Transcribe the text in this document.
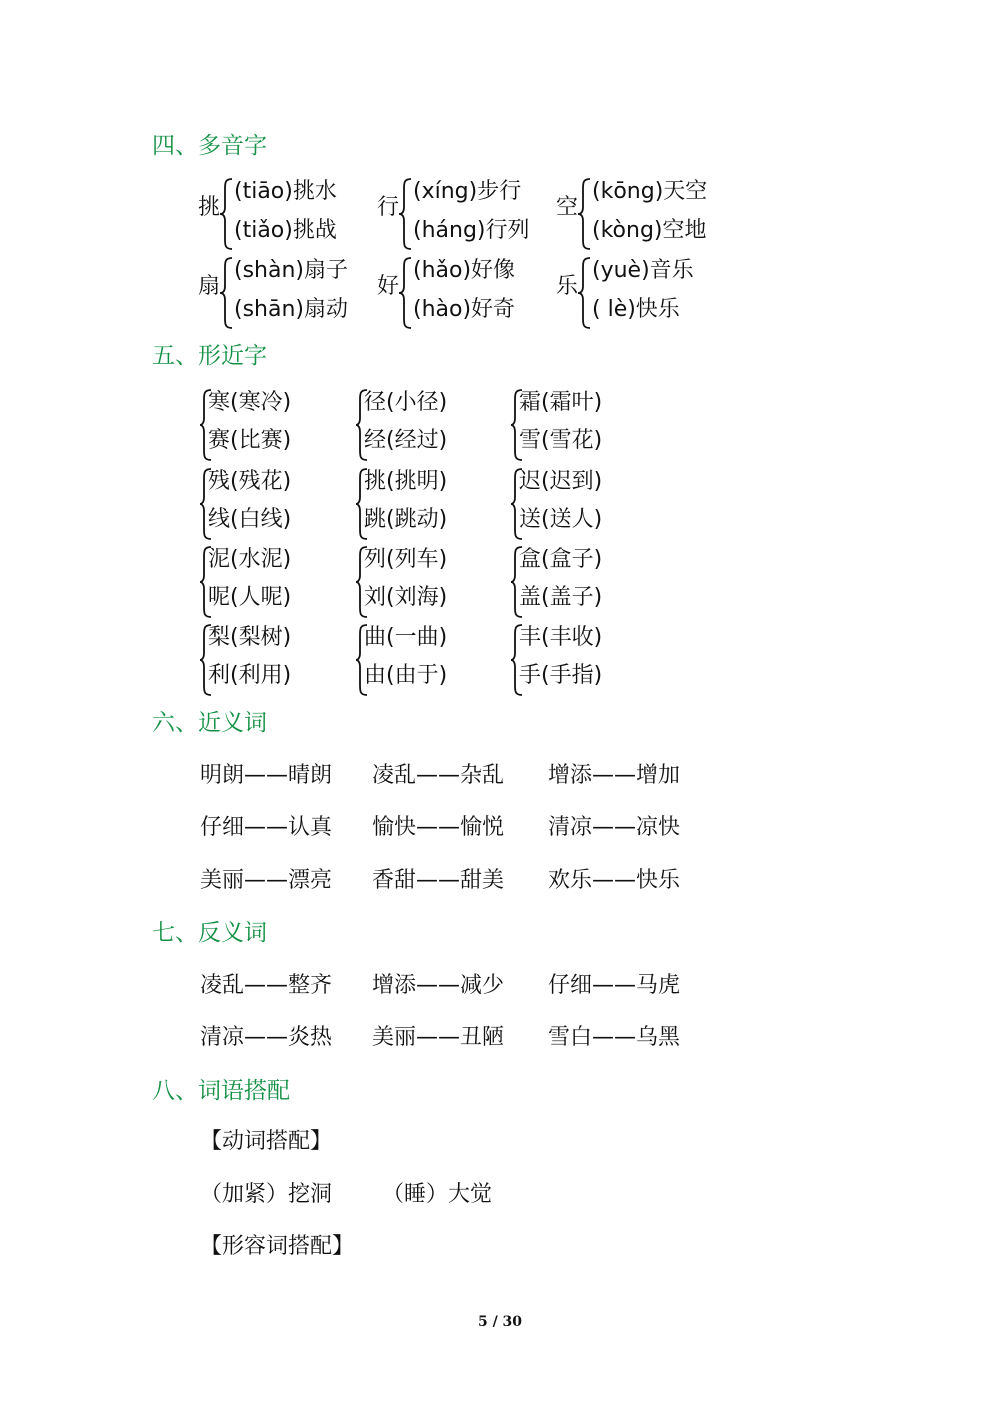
四、多音字
五、形近字
六、近义词
七、反义词
八、词语搭配
挑
(tiāo)挑水
(tiǎo)挑战
行
(xíng)步行
(háng)行列
空
(kōng)天空
(kòng)空地
扇
(shàn)扇子
(shān)扇动
好
(hǎo)好像
(hào)好奇
乐
(yuè)音乐
( lè)快乐
寒(寒冷)
赛(比赛)
径(小径)
经(经过)
霜(霜叶)
雪(雪花)
残(残花)
线(白线)
挑(挑明)
跳(跳动)
迟(迟到)
送(送人)
泥(水泥)
呢(人呢)
列(列车)
刘(刘海)
盒(盒子)
盖(盖子)
梨(梨树)
利(利用)
曲(一曲)
由(由于)
丰(丰收)
手(手指)
明朗——晴朗 凌乱——杂乱 增添——增加
仔细——认真 愉快——愉悦 清凉——凉快
美丽——漂亮 香甜——甜美 欢乐——快乐
凌乱——整齐 增添——减少 仔细——马虎
清凉——炎热 美丽——丑陋 雪白——乌黑
【动词搭配】
（加紧）挖洞 （睡）大觉
【形容词搭配】
5 / 30
